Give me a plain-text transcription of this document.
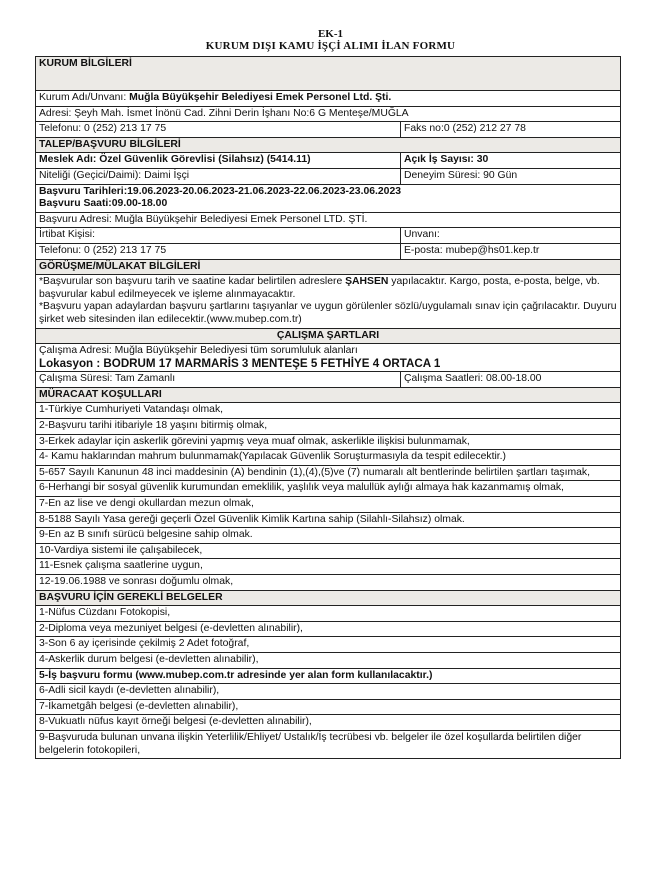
EK-1
KURUM DIŞI KAMU İŞÇİ ALIMI İLAN FORMU
KURUM BİLGİLERİ	
Kurum Adı/Unvanı: Muğla Büyükşehir Belediyesi Emek Personel Ltd. Şti.	
Adresi: Şeyh Mah. İsmet İnönü Cad. Zihni Derin İşhanı No:6 G Menteşe/MUĞLA	
Telefonu: 0 (252) 213 17 75	Faks no:0 (252) 212 27 78
TALEP/BAŞVURU BİLGİLERİ	
Meslek Adı: Özel Güvenlik Görevlisi (Silahsız) (5414.11)	Açık İş Sayısı: 30
Niteliği (Geçici/Daimi): Daimi İşçi	Deneyim Süresi: 90 Gün

Başvuru Tarihleri:19.06.2023-20.06.2023-21.06.2023-22.06.2023-23.06.2023
Başvuru Saati:09.00-18.00	

Başvuru Adresi: Muğla Büyükşehir Belediyesi Emek Personel LTD. ŞTİ.	
İrtibat Kişisi:	Unvanı:
Telefonu: 0 (252) 213 17 75	E-posta: mubep@hs01.kep.tr
GÖRÜŞME/MÜLAKAT BİLGİLERİ	

*Başvurular son başvuru tarih ve saatine kadar belirtilen adreslere ŞAHSEN yapılacaktır. Kargo, posta, e-posta, belge, vb. başvurular kabul edilmeyecek ve işleme alınmayacaktır.
*Başvuru yapan adaylardan başvuru şartlarını taşıyanlar ve uygun görülenler sözlü/uygulamalı sınav için çağrılacaktır. Duyuru şirket web sitesinden ilan edilecektir.(www.mubep.com.tr)	

ÇALIŞMA ŞARTLARI	

Çalışma Adresi: Muğla Büyükşehir Belediyesi tüm sorumluluk alanları
Lokasyon : BODRUM 17 MARMARİS 3 MENTEŞE 5 FETHİYE 4 ORTACA 1	

Çalışma Süresi: Tam Zamanlı	Çalışma Saatleri: 08.00-18.00
MÜRACAAT KOŞULLARI	
1-Türkiye Cumhuriyeti Vatandaşı olmak,	
2-Başvuru tarihi itibariyle 18 yaşını bitirmiş olmak,	
3-Erkek adaylar için askerlik görevini yapmış veya muaf olmak, askerlikle ilişkisi bulunmamak,	
4- Kamu haklarından mahrum bulunmamak(Yapılacak Güvenlik Soruşturmasıyla da tespit edilecektir.)	
5-657 Sayılı Kanunun 48 inci maddesinin (A) bendinin (1),(4),(5)ve (7) numaralı alt bentlerinde belirtilen şartları taşımak,	
6-Herhangi bir sosyal güvenlik kurumundan emeklilik, yaşlılık veya malullük aylığı almaya hak kazanmamış olmak,	
7-En az lise ve dengi okullardan mezun olmak,	
8-5188 Sayılı Yasa gereği geçerli Özel Güvenlik Kimlik Kartına sahip (Silahlı-Silahsız) olmak.	
9-En az B sınıfı sürücü belgesine sahip olmak.	
10-Vardiya sistemi ile çalışabilecek,	
11-Esnek çalışma saatlerine uygun,	
12-19.06.1988 ve sonrası doğumlu olmak,	
BAŞVURU İÇİN GEREKLİ BELGELER	
1-Nüfus Cüzdanı Fotokopisi,	
2-Diploma veya mezuniyet belgesi (e-devletten alınabilir),	
3-Son 6 ay içerisinde çekilmiş 2 Adet fotoğraf,	
4-Askerlik durum belgesi (e-devletten alınabilir),	
5-İş başvuru formu (www.mubep.com.tr adresinde yer alan form kullanılacaktır.)	
6-Adli sicil kaydı (e-devletten alınabilir),	
7-İkametgâh belgesi (e-devletten alınabilir),	
8-Vukuatlı nüfus kayıt örneği belgesi (e-devletten alınabilir),	
9-Başvuruda bulunan unvana ilişkin Yeterlilik/Ehliyet/ Ustalık/İş tecrübesi vb. belgeler ile özel koşullarda belirtilen diğer belgelerin fotokopileri,	
